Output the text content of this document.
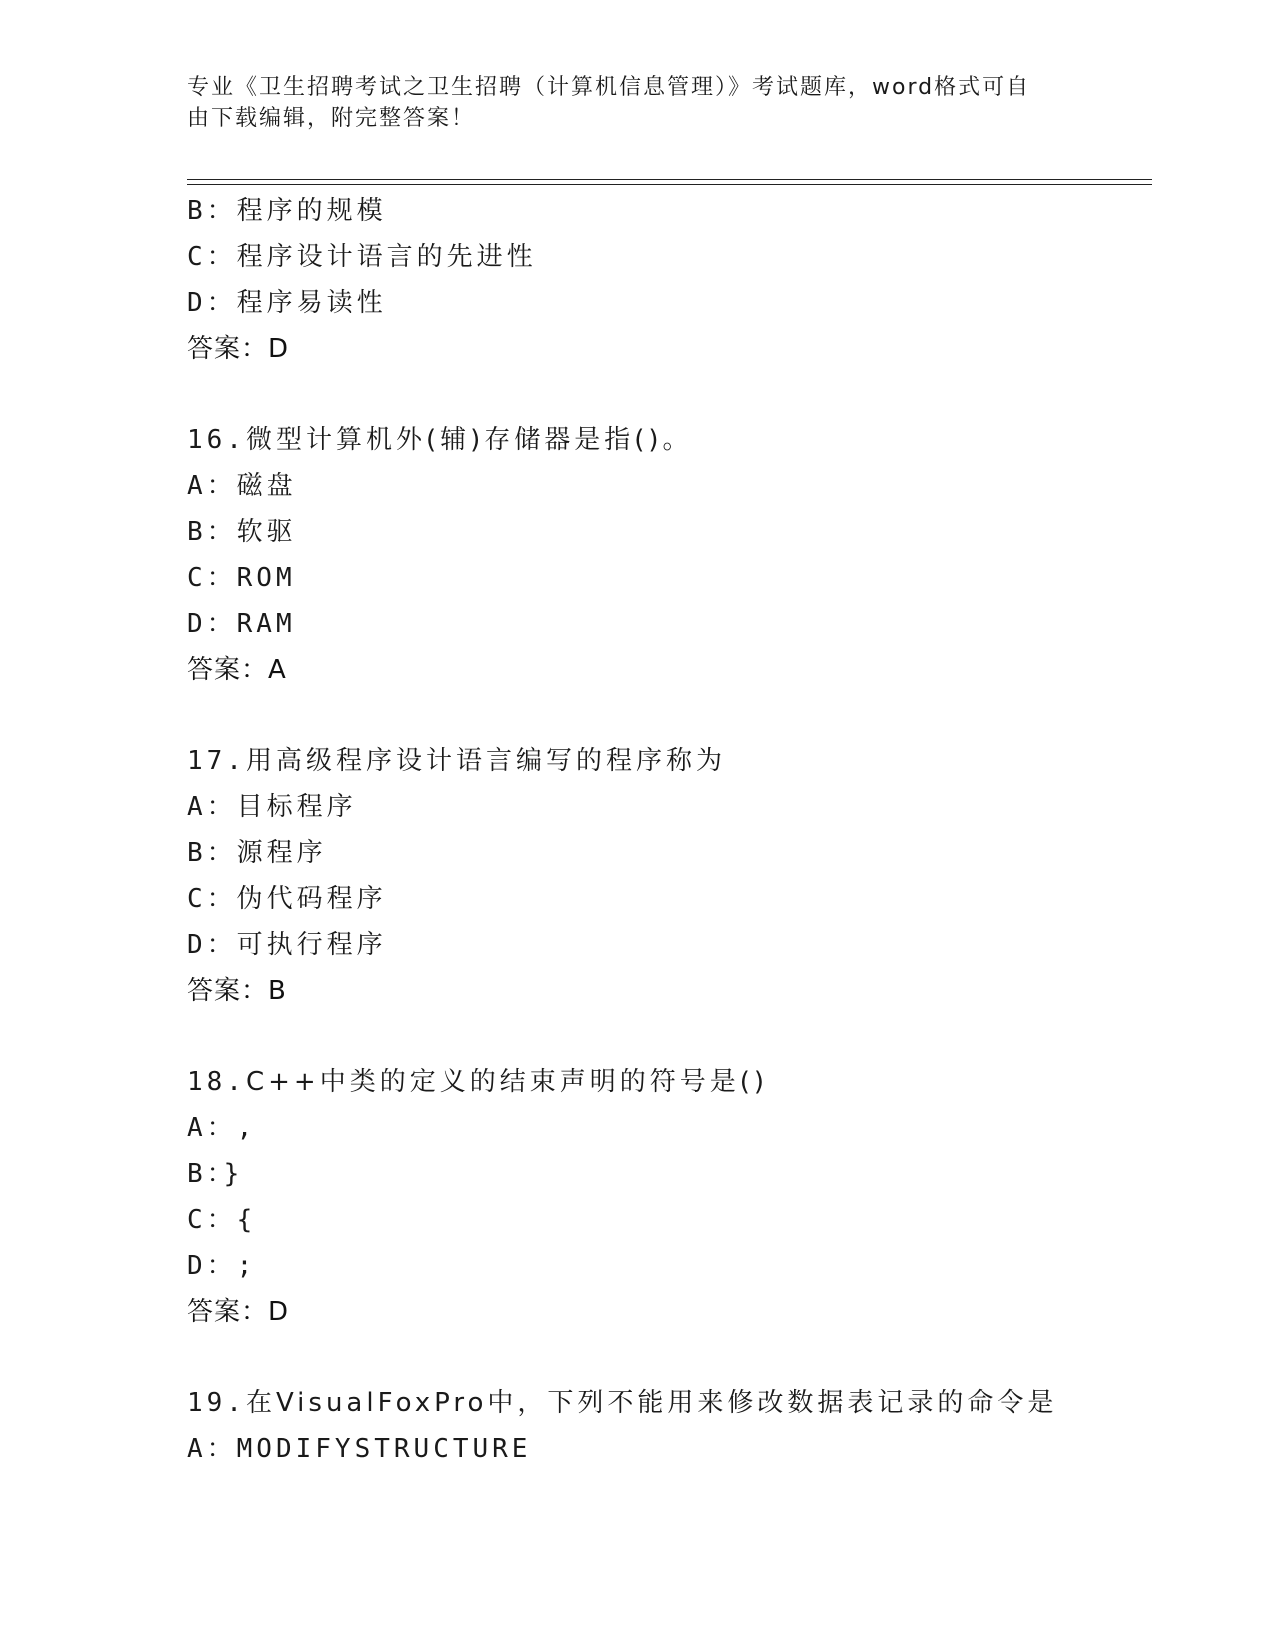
专业《卫生招聘考试之卫生招聘（计算机信息管理）》考试题库，word格式可自

由下载编辑，附完整答案！

B：程序的规模
C：程序设计语言的先进性
D：程序易读性
答案：D
16.微型计算机外(辅)存储器是指()。
A：磁盘
B：软驱
C：ROM
D：RAM
答案：A
17.用高级程序设计语言编写的程序称为
A：目标程序
B：源程序
C：伪代码程序
D：可执行程序
答案：B
18.C++中类的定义的结束声明的符号是()
A：,
B：}
C：{
D：;
答案：D
19.在VisualFoxPro中，下列不能用来修改数据表记录的命令是
A：MODIFYSTRUCTURE
